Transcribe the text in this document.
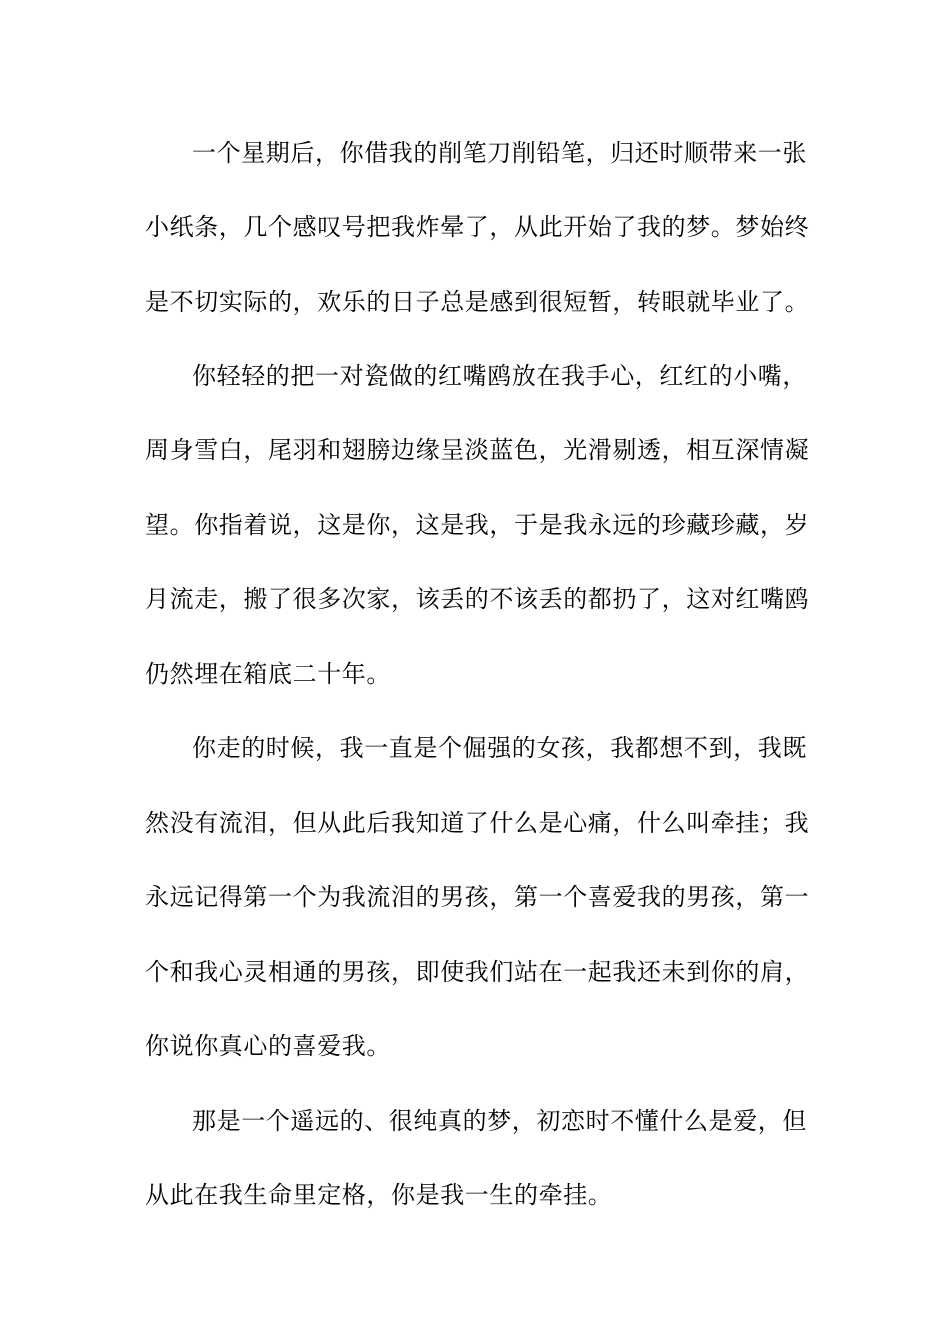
一个星期后，你借我的削笔刀削铅笔，归还时顺带来一张

小纸条，几个感叹号把我炸晕了，从此开始了我的梦。梦始终

是不切实际的，欢乐的日子总是感到很短暂，转眼就毕业了。

你轻轻的把一对瓷做的红嘴鸥放在我手心，红红的小嘴，

周身雪白，尾羽和翅膀边缘呈淡蓝色，光滑剔透，相互深情凝

望。你指着说，这是你，这是我，于是我永远的珍藏珍藏，岁

月流走，搬了很多次家，该丢的不该丢的都扔了，这对红嘴鸥

仍然埋在箱底二十年。

你走的时候，我一直是个倔强的女孩，我都想不到，我既

然没有流泪，但从此后我知道了什么是心痛，什么叫牵挂；我

永远记得第一个为我流泪的男孩，第一个喜爱我的男孩，第一

个和我心灵相通的男孩，即使我们站在一起我还未到你的肩，

你说你真心的喜爱我。

那是一个遥远的、很纯真的梦，初恋时不懂什么是爱，但

从此在我生命里定格，你是我一生的牵挂。
